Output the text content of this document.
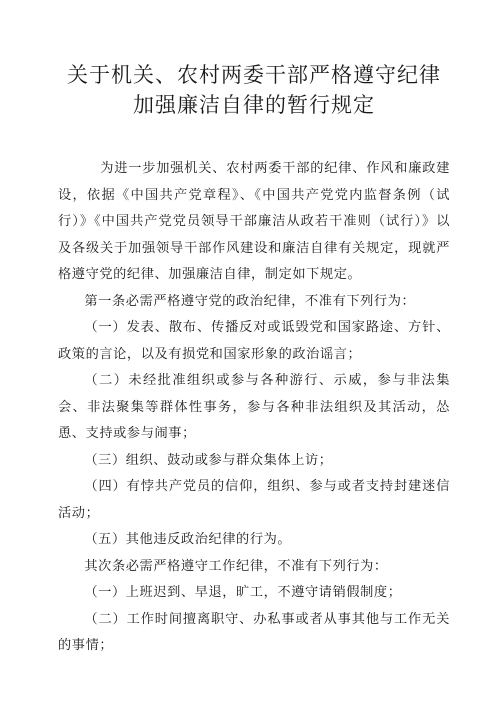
关于机关、农村两委干部严格遵守纪律
加强廉洁自律的暂行规定

为进一步加强机关、农村两委干部的纪律、作风和廉政建设，依据《中国共产党章程》、《中国共产党党内监督条例（试行）》《中国共产党党员领导干部廉洁从政若干准则（试行）》以及各级关于加强领导干部作风建设和廉洁自律有关规定，现就严格遵守党的纪律、加强廉洁自律，制定如下规定。

第一条必需严格遵守党的政治纪律，不准有下列行为：

（一）发表、散布、传播反对或诋毁党和国家路途、方针、政策的言论，以及有损党和国家形象的政治谣言；

（二）未经批准组织或参与各种游行、示威，参与非法集会、非法聚集等群体性事务，参与各种非法组织及其活动，怂恿、支持或参与闹事；

（三）组织、鼓动或参与群众集体上访；

（四）有悖共产党员的信仰，组织、参与或者支持封建迷信活动；

（五）其他违反政治纪律的行为。

其次条必需严格遵守工作纪律，不准有下列行为：

（一）上班迟到、早退，旷工，不遵守请销假制度；

（二）工作时间擅离职守、办私事或者从事其他与工作无关的事情；
